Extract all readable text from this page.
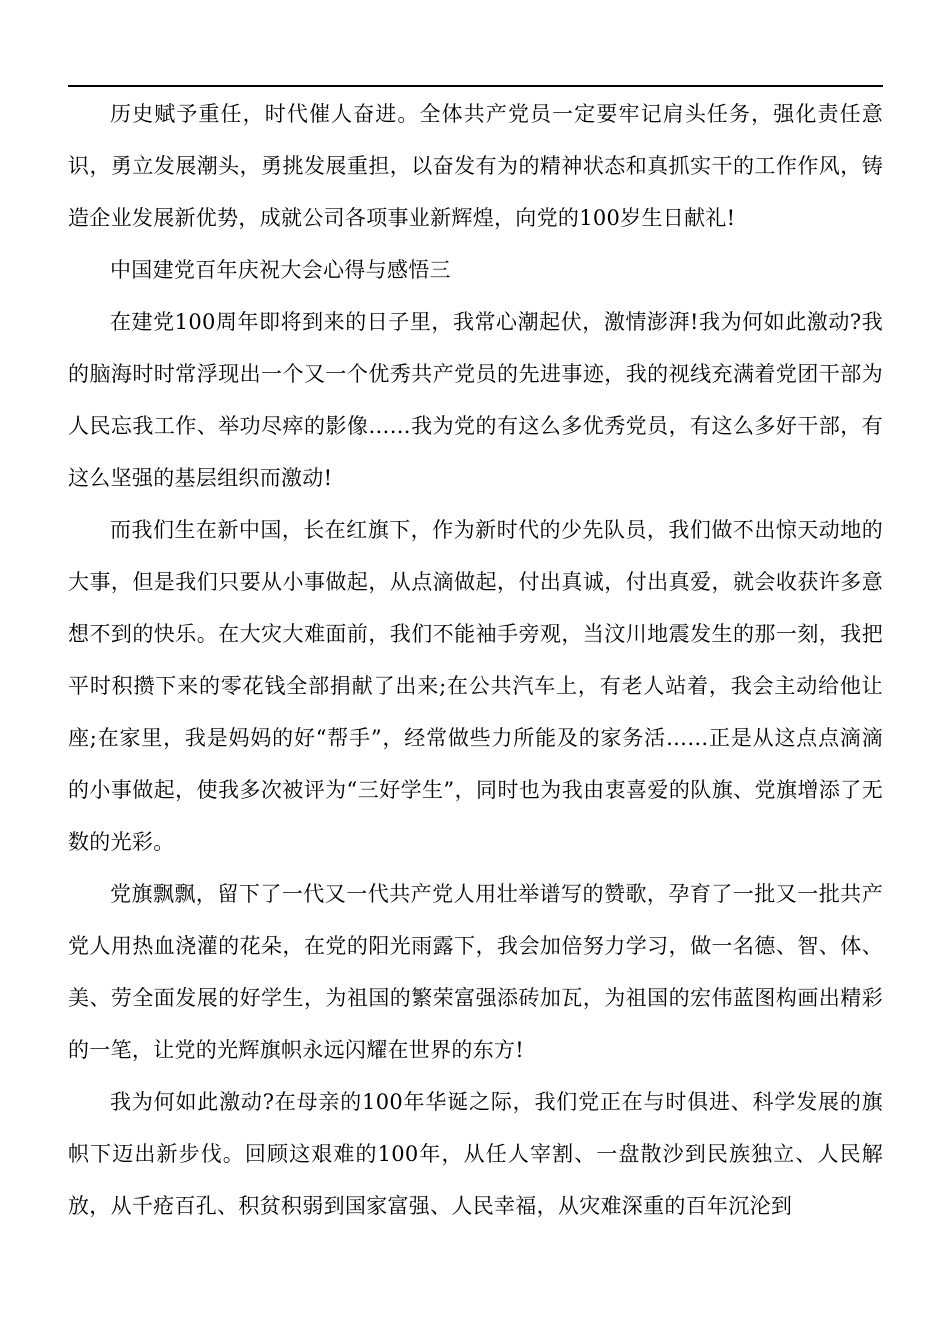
历史赋予重任，时代催人奋进。全体共产党员一定要牢记肩头任务，强化责任意识，勇立发展潮头，勇挑发展重担，以奋发有为的精神状态和真抓实干的工作作风，铸造企业发展新优势，成就公司各项事业新辉煌，向党的100岁生日献礼!

中国建党百年庆祝大会心得与感悟三

在建党100周年即将到来的日子里，我常心潮起伏，激情澎湃!我为何如此激动?我的脑海时时常浮现出一个又一个优秀共产党员的先进事迹，我的视线充满着党团干部为人民忘我工作、举功尽瘁的影像……我为党的有这么多优秀党员，有这么多好干部，有这么坚强的基层组织而激动!

而我们生在新中国，长在红旗下，作为新时代的少先队员，我们做不出惊天动地的大事，但是我们只要从小事做起，从点滴做起，付出真诚，付出真爱，就会收获许多意想不到的快乐。在大灾大难面前，我们不能袖手旁观，当汶川地震发生的那一刻，我把平时积攒下来的零花钱全部捐献了出来;在公共汽车上，有老人站着，我会主动给他让座;在家里，我是妈妈的好“帮手”，经常做些力所能及的家务活……正是从这点点滴滴的小事做起，使我多次被评为“三好学生”，同时也为我由衷喜爱的队旗、党旗增添了无数的光彩。

党旗飘飘，留下了一代又一代共产党人用壮举谱写的赞歌，孕育了一批又一批共产党人用热血浇灌的花朵，在党的阳光雨露下，我会加倍努力学习，做一名德、智、体、美、劳全面发展的好学生，为祖国的繁荣富强添砖加瓦，为祖国的宏伟蓝图构画出精彩的一笔，让党的光辉旗帜永远闪耀在世界的东方!

我为何如此激动?在母亲的100年华诞之际，我们党正在与时俱进、科学发展的旗帜下迈出新步伐。回顾这艰难的100年，从任人宰割、一盘散沙到民族独立、人民解放，从千疮百孔、积贫积弱到国家富强、人民幸福，从灾难深重的百年沉沦到
